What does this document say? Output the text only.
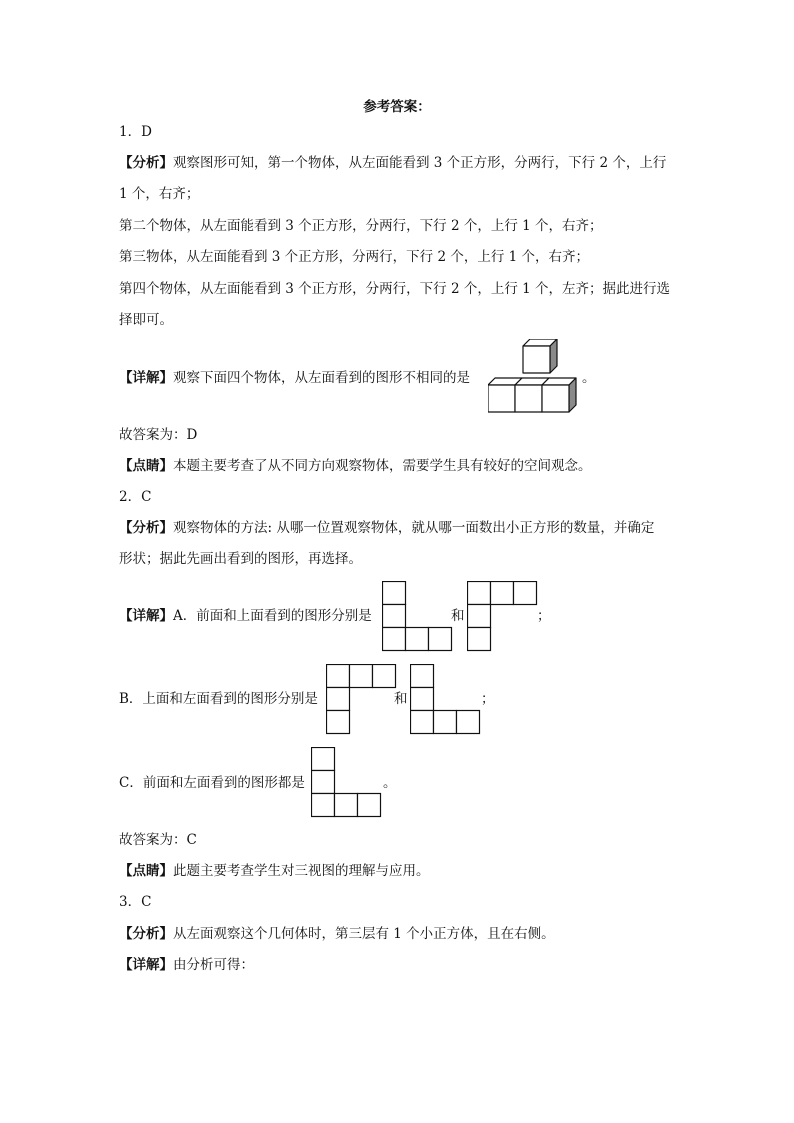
参考答案：
1．D
【分析】观察图形可知，第一个物体，从左面能看到 3 个正方形，分两行，下行 2 个，上行
1 个，右齐；
第二个物体，从左面能看到 3 个正方形，分两行，下行 2 个，上行 1 个，右齐；
第三物体，从左面能看到 3 个正方形，分两行，下行 2 个，上行 1 个，右齐；
第四个物体，从左面能看到 3 个正方形，分两行，下行 2 个，上行 1 个，左齐；据此进行选
择即可。
【详解】观察下面四个物体，从左面看到的图形不相同的是	。
故答案为：D
【点睛】本题主要考查了从不同方向观察物体，需要学生具有较好的空间观念。
2．C
【分析】观察物体的方法: 从哪一位置观察物体，就从哪一面数出小正方形的数量，并确定
形状；据此先画出看到的图形，再选择。
【详解】A．前面和上面看到的图形分别是	和	；
B．上面和左面看到的图形分别是	和	；
C．前面和左面看到的图形都是	。
故答案为：C
【点睛】此题主要考查学生对三视图的理解与应用。
3．C
【分析】从左面观察这个几何体时，第三层有 1 个小正方体，且在右侧。
【详解】由分析可得：
